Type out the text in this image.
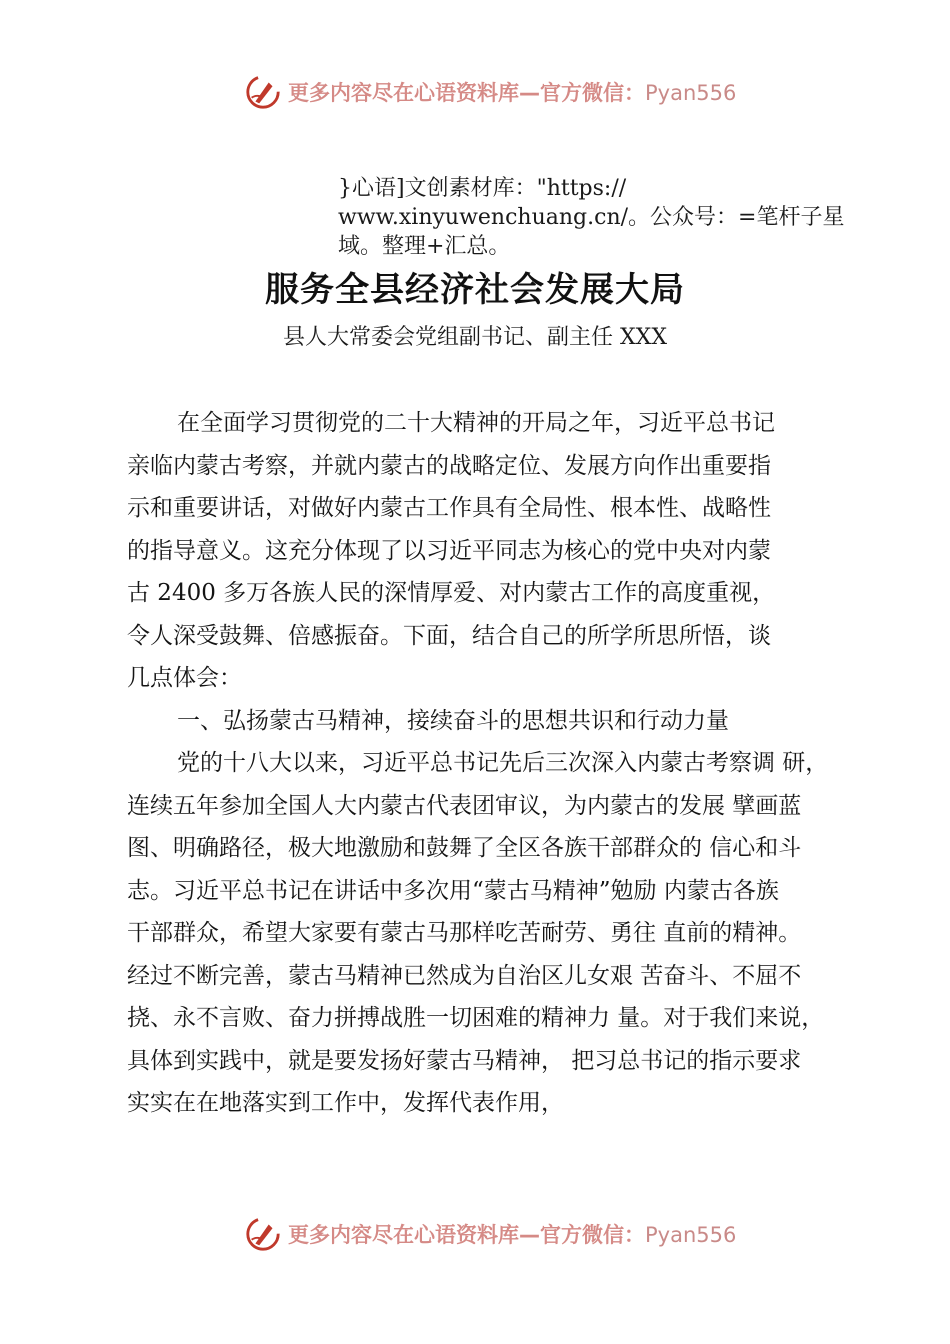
更多内容尽在心语资料库—官方微信：Pyan556
}心语]文创素材库："https://
www.xinyuwenchuang.cn/。公众号：=笔杆子星
域。整理+汇总。
服务全县经济社会发展大局
县人大常委会党组副书记、副主任 XXX

在全面学习贯彻党的二十大精神的开局之年，习近平总书记
亲临内蒙古考察，并就内蒙古的战略定位、发展方向作出重要指
示和重要讲话，对做好内蒙古工作具有全局性、根本性、战略性
的指导意义。这充分体现了以习近平同志为核心的党中央对内蒙
古 2400 多万各族人民的深情厚爱、对内蒙古工作的高度重视，
令人深受鼓舞、倍感振奋。下面，结合自己的所学所思所悟，谈
几点体会：

一、弘扬蒙古马精神，接续奋斗的思想共识和行动力量

党的十八大以来，习近平总书记先后三次深入内蒙古考察调 研，
连续五年参加全国人大内蒙古代表团审议，为内蒙古的发展 擘画蓝
图、明确路径，极大地激励和鼓舞了全区各族干部群众的 信心和斗
志。习近平总书记在讲话中多次用“蒙古马精神”勉励 内蒙古各族
干部群众，希望大家要有蒙古马那样吃苦耐劳、勇往 直前的精神。
经过不断完善，蒙古马精神已然成为自治区儿女艰 苦奋斗、不屈不
挠、永不言败、奋力拼搏战胜一切困难的精神力 量。对于我们来说，
具体到实践中，就是要发扬好蒙古马精神， 把习总书记的指示要求
实实在在地落实到工作中，发挥代表作用，

更多内容尽在心语资料库—官方微信：Pyan556
